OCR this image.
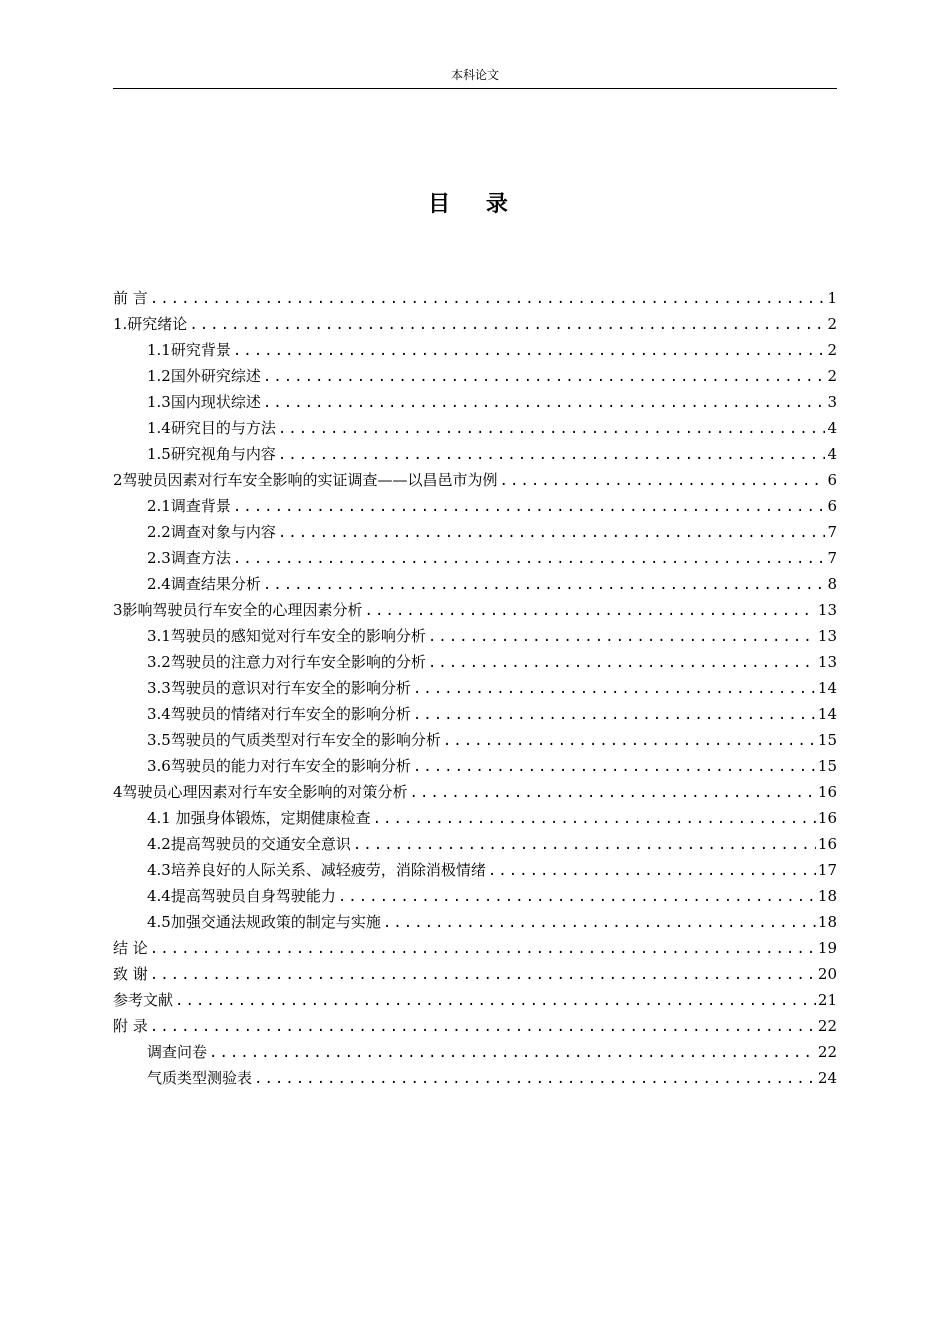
本科论文
目 录
前 言 .....	1
1.研究绪论 .....	2
1.1研究背景 .....	2
1.2国外研究综述 .....	2
1.3国内现状综述 .....	3
1.4研究目的与方法 .....	4
1.5研究视角与内容 .....	4
2驾驶员因素对行车安全影响的实证调查——以昌邑市为例 .....	6
2.1调查背景 .....	6
2.2调查对象与内容 .....	7
2.3调查方法 .....	7
2.4调查结果分析 .....	8
3影响驾驶员行车安全的心理因素分析 .....	13
3.1驾驶员的感知觉对行车安全的影响分析 .....	13
3.2驾驶员的注意力对行车安全影响的分析 .....	13
3.3驾驶员的意识对行车安全的影响分析 .....	14
3.4驾驶员的情绪对行车安全的影响分析 .....	14
3.5驾驶员的气质类型对行车安全的影响分析 .....	15
3.6驾驶员的能力对行车安全的影响分析 .....	15
4驾驶员心理因素对行车安全影响的对策分析 .....	16
4.1 加强身体锻炼，定期健康检查 .....	16
4.2提高驾驶员的交通安全意识 .....	16
4.3培养良好的人际关系、减轻疲劳，消除消极情绪 .....	17
4.4提高驾驶员自身驾驶能力 .....	18
4.5加强交通法规政策的制定与实施 .....	18
结 论 .....	19
致 谢 .....	20
参考文献 .....	21
附 录 .....	22
调查问卷 .....	22
气质类型测验表 .....	24
